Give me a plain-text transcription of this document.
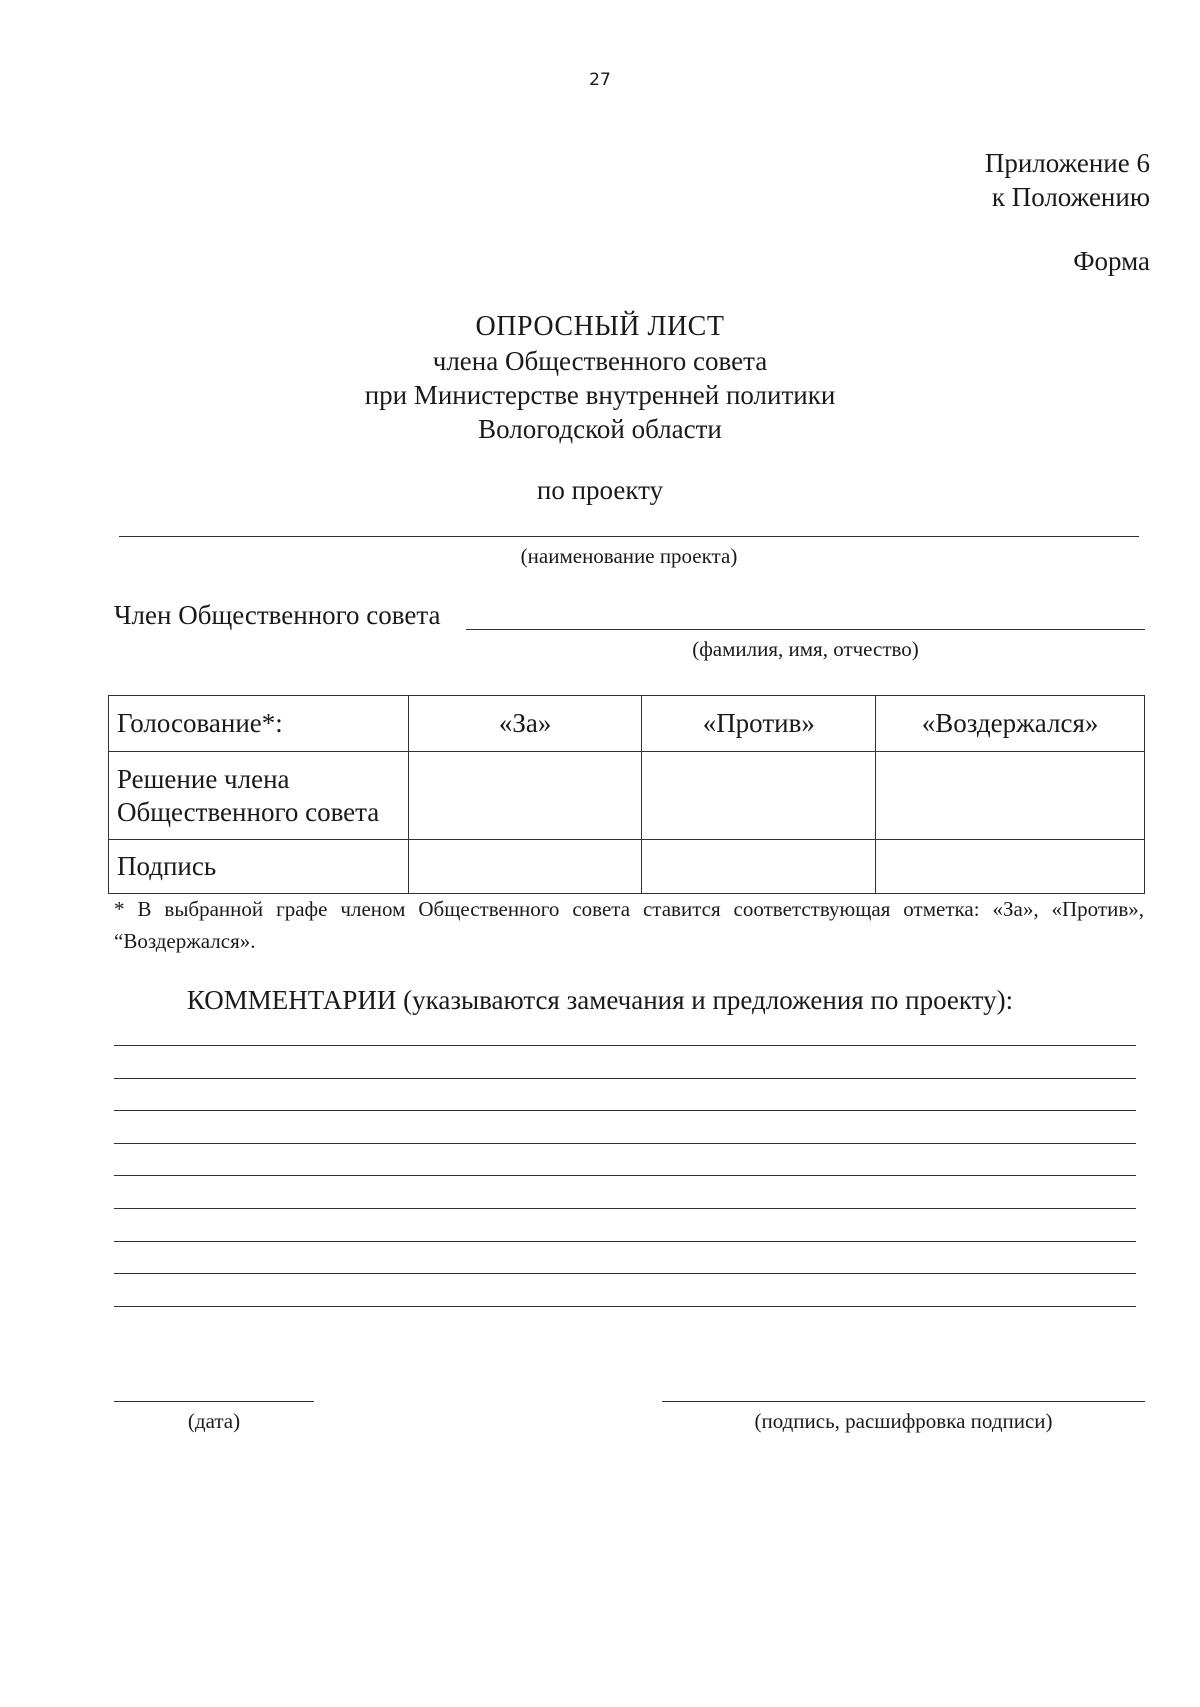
27
Приложение 6
к Положению
Форма
ОПРОСНЫЙ ЛИСТ
члена Общественного совета
при Министерстве внутренней политики
Вологодской области
по проекту
(наименование проекта)
Член Общественного совета
(фамилия, имя, отчество)
Голосование*:	«За»	«Против»	«Воздержался»

Решение члена
Общественного совета			

Подпись			
* В выбранной графе членом Общественного совета ставится соответствующая отметка: «За», «Против», “Воздержался».
КОММЕНТАРИИ (указываются замечания и предложения по проекту):
(дата)	(подпись, расшифровка подписи)
